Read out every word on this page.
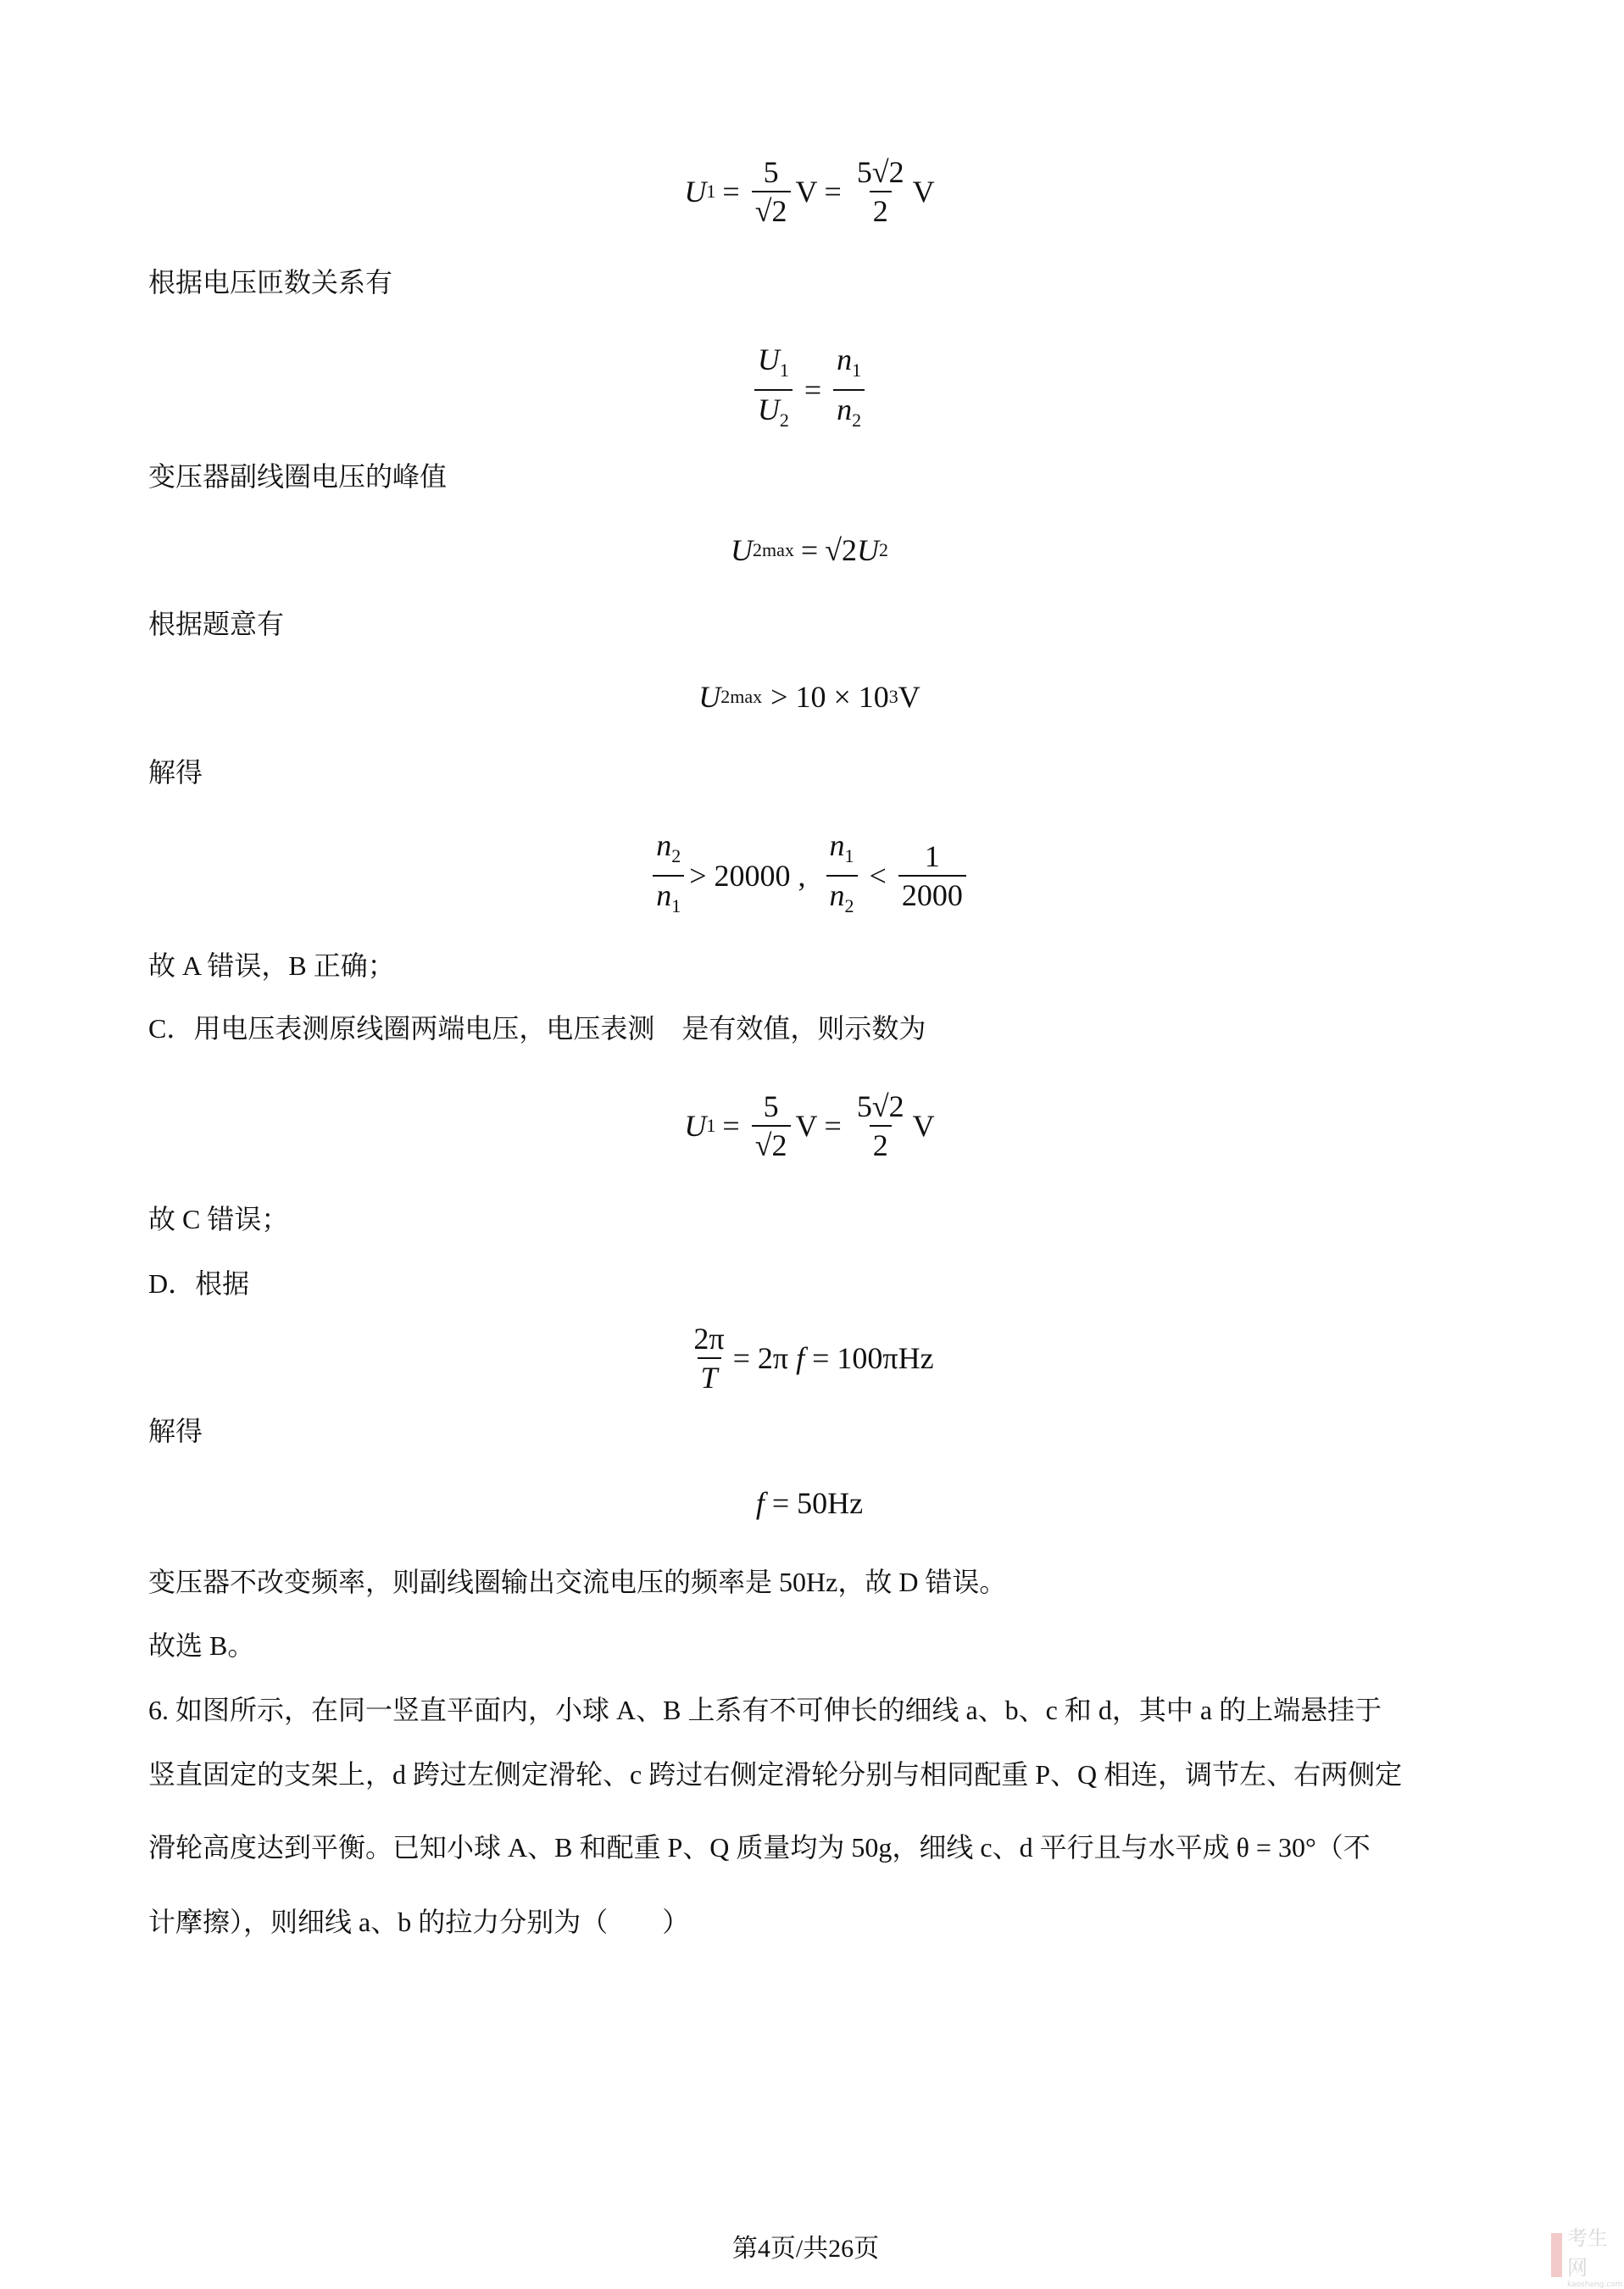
U $1 = \frac{5}{√2}$ $V = \frac{5√2}{2}$ V
根据电压匝数关系有
$\frac{U_1}{U_2} = \frac{n_1}{n_2}$
变压器副线圈电压的峰值
U 2max = √2 U 2
根据题意有
U 2max > 10 × 10 3 V
解得
$\frac{n_2}{n_1} > 20000$ , $\frac{n_1}{n_2} < \frac{1}{2000}$
故 A 错误，B 正确；
C．用电压表测原线圈两端电压，电压表测　是有效值，则示数为
U $1 = \frac{5}{√2}$ $V = \frac{5√2}{2}$ V
故 C 错误；
D．根据
$\frac{2\pi}{T} = 2\pi$
f
= 100πHz
解得
f
= 50Hz
变压器不改变频率，则副线圈输出交流电压的频率是 50Hz，故 D 错误。
故选 B。
6. 如图所示，在同一竖直平面内，小球 A、B 上系有不可伸长的细线 a、b、c 和 d，其中 a 的上端悬挂于
竖直固定的支架上，d 跨过左侧定滑轮、c 跨过右侧定滑轮分别与相同配重 P、Q 相连，调节左、右两侧定
滑轮高度达到平衡。已知小球 A、B 和配重 P、Q 质量均为 50g，细线 c、d 平行且与水平成 θ = 30°（不
计摩擦），则细线 a、b 的拉力分别为（　　）
第4页/共26页	考生网
kaosheng.com
